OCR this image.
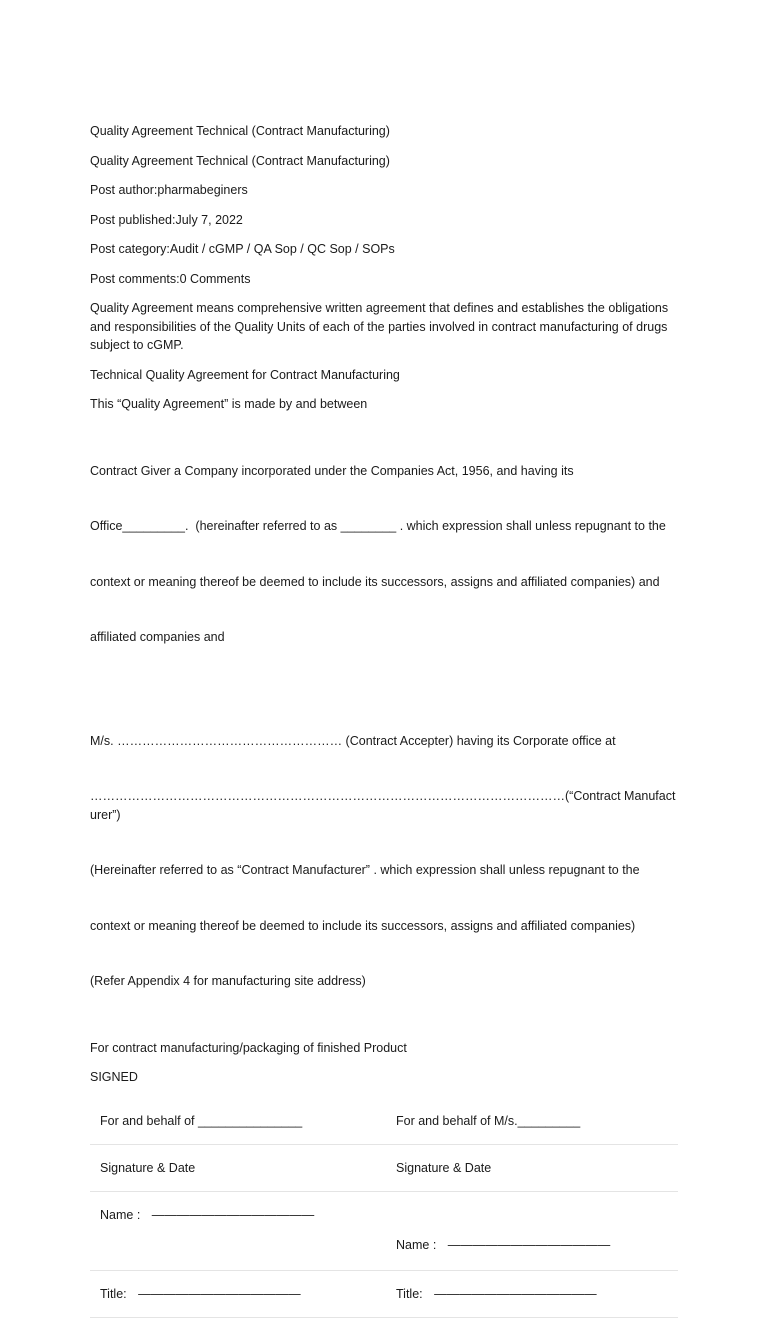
Quality Agreement Technical (Contract Manufacturing)

Quality Agreement Technical (Contract Manufacturing)

Post author:pharmabeginers

Post published:July 7, 2022

Post category:Audit / cGMP / QA Sop / QC Sop / SOPs

Post comments:0 Comments

Quality Agreement means comprehensive written agreement that defines and establishes the obligations and responsibilities of the Quality Units of each of the parties involved in contract manufacturing of drugs subject to cGMP.

Technical Quality Agreement for Contract Manufacturing

This “Quality Agreement” is made by and between

Contract Giver a Company incorporated under the Companies Act, 1956, and having its

Office_________.  (hereinafter referred to as ________ . which expression shall unless repugnant to the

context or meaning thereof be deemed to include its successors, assigns and affiliated companies) and

affiliated companies and

M/s. ……………………………………………… (Contract Accepter) having its Corporate office at

……………………………………………………………………………………………………(“Contract Manufacturer”)

(Hereinafter referred to as “Contract Manufacturer” . which expression shall unless repugnant to the

context or meaning thereof be deemed to include its successors, assigns and affiliated companies)

(Refer Appendix 4 for manufacturing site address)

For contract manufacturing/packaging of finished Product

SIGNED

For and behalf of _______________	For and behalf of M/s._________
Signature & Date	Signature & Date
Name : —————————————	Name : —————————————
Title: —————————————	Title: —————————————
